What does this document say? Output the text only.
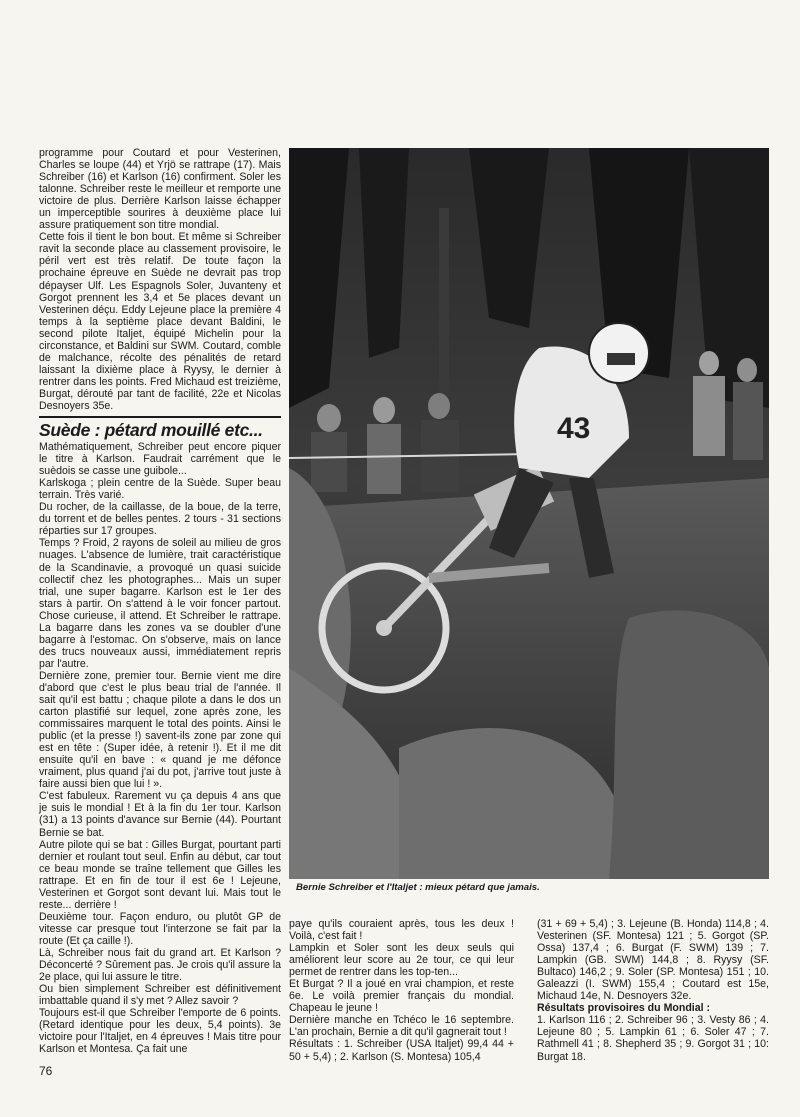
programme pour Coutard et pour Vesterinen, Charles se loupe (44) et Yrjö se rattrape (17). Mais Schreiber (16) et Karlson (16) confirment. Soler les talonne. Schreiber reste le meilleur et remporte une victoire de plus. Derrière Karlson laisse échapper un imperceptible sourires à deuxième place lui assure pratiquement son titre mondial.

Cette fois il tient le bon bout. Et même si Schreiber ravit la seconde place au classement provisoire, le péril vert est très relatif. De toute façon la prochaine épreuve en Suède ne devrait pas trop dépayser Ulf. Les Espagnols Soler, Juvanteny et Gorgot prennent les 3,4 et 5e places devant un Vesterinen déçu. Eddy Lejeune place la première 4 temps à la septième place devant Baldini, le second pilote Italjet, équipé Michelin pour la circonstance, et Baldini sur SWM. Coutard, comble de malchance, récolte des pénalités de retard laissant la dixième place à Ryysy, le dernier à rentrer dans les points. Fred Michaud est treizième, Burgat, dérouté par tant de facilité, 22e et Nicolas Desnoyers 35e.

Suède : pétard mouillé etc...

Mathématiquement, Schreiber peut encore piquer le titre à Karlson. Faudrait carrément que le suèdois se casse une guibole...

Karlskoga ; plein centre de la Suède. Super beau terrain. Très varié.

Du rocher, de la caillasse, de la boue, de la terre, du torrent et de belles pentes. 2 tours - 31 sections réparties sur 17 groupes.

Temps ? Froid, 2 rayons de soleil au milieu de gros nuages. L'absence de lumière, trait caractéristique de la Scandinavie, a provoqué un quasi suicide collectif chez les photographes... Mais un super trial, une super bagarre. Karlson est le 1er des stars à partir. On s'attend à le voir foncer partout. Chose curieuse, il attend. Et Schreiber le rattrape. La bagarre dans les zones va se doubler d'une bagarre à l'estomac. On s'observe, mais on lance des trucs nouveaux aussi, immédiatement repris par l'autre.

Dernière zone, premier tour. Bernie vient me dire d'abord que c'est le plus beau trial de l'année. Il sait qu'il est battu ; chaque pilote a dans le dos un carton plastifié sur lequel, zone après zone, les commissaires marquent le total des points. Ainsi le public (et la presse !) savent-ils zone par zone qui est en tête : (Super idée, à retenir !). Et il me dit ensuite qu'il en bave : « quand je me défonce vraiment, plus quand j'ai du pot, j'arrive tout juste à faire aussi bien que lui ! ».

C'est fabuleux. Rarement vu ça depuis 4 ans que je suis le mondial ! Et à la fin du 1er tour. Karlson (31) a 13 points d'avance sur Bernie (44). Pourtant Bernie se bat.

Autre pilote qui se bat : Gilles Burgat, pourtant parti dernier et roulant tout seul. Enfin au début, car tout ce beau monde se traîne tellement que Gilles les rattrape. Et en fin de tour il est 6e ! Lejeune, Vesterinen et Gorgot sont devant lui. Mais tout le reste... derrière !

Deuxième tour. Façon enduro, ou plutôt GP de vitesse car presque tout l'interzone se fait par la route (Et ça caille !).

Là, Schreiber nous fait du grand art. Et Karlson ? Déconcerté ? Sûrement pas. Je crois qu'il assure la 2e place, qui lui assure le titre.

Ou bien simplement Schreiber est définitivement imbattable quand il s'y met ? Allez savoir ?

Toujours est-il que Schreiber l'emporte de 6 points. (Retard identique pour les deux, 5,4 points). 3e victoire pour l'Italjet, en 4 épreuves ! Mais titre pour Karlson et Montesa. Ça fait une

43
Bernie Schreiber et l'Italjet : mieux pétard que jamais.

paye qu'ils couraient après, tous les deux ! Voilà, c'est fait !

Lampkin et Soler sont les deux seuls qui améliorent leur score au 2e tour, ce qui leur permet de rentrer dans les top-ten...

Et Burgat ? Il a joué en vrai champion, et reste 6e. Le voilà premier français du mondial. Chapeau le jeune !

Dernière manche en Tchéco le 16 septembre. L'an prochain, Bernie a dit qu'il gagnerait tout !

Résultats : 1. Schreiber (USA Italjet) 99,4 44 + 50 + 5,4) ; 2. Karlson (S. Montesa) 105,4

(31 + 69 + 5,4) ; 3. Lejeune (B. Honda) 114,8 ; 4. Vesterinen (SF. Montesa) 121 ; 5. Gorgot (SP. Ossa) 137,4 ; 6. Burgat (F. SWM) 139 ; 7. Lampkin (GB. SWM) 144,8 ; 8. Ryysy (SF. Bultaco) 146,2 ; 9. Soler (SP. Montesa) 151 ; 10. Galeazzi (I. SWM) 155,4 ; Coutard est 15e, Michaud 14e, N. Desnoyers 32e.

Résultats provisoires du Mondial :

1. Karlson 116 ; 2. Schreiber 96 ; 3. Vesty 86 ; 4. Lejeune 80 ; 5. Lampkin 61 ; 6. Soler 47 ; 7. Rathmell 41 ; 8. Shepherd 35 ; 9. Gorgot 31 ; 10: Burgat 18.

76
